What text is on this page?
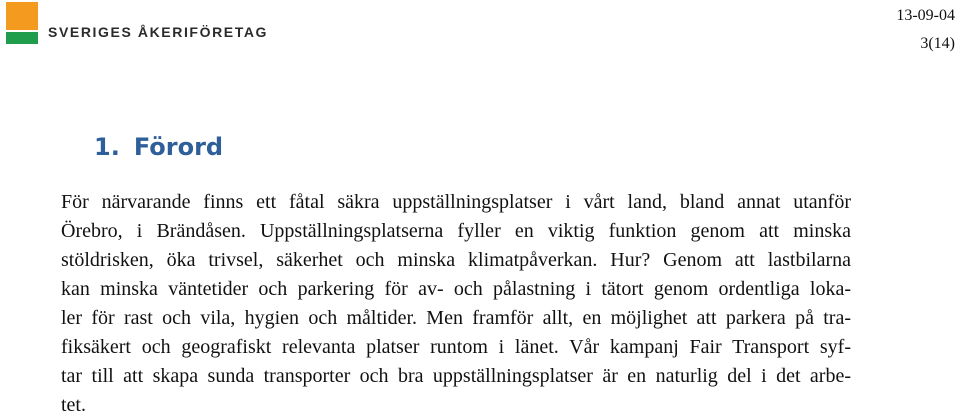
SVERIGES ÅKERIFÖRETAG
13-09-04
3(14)
1. Förord
För närvarande finns ett fåtal säkra uppställningsplatser i vårt land, bland annat utanför
Örebro, i Brändåsen. Uppställningsplatserna fyller en viktig funktion genom att minska
stöldrisken, öka trivsel, säkerhet och minska klimatpåverkan. Hur? Genom att lastbilarna
kan minska väntetider och parkering för av- och pålastning i tätort genom ordentliga loka-
ler för rast och vila, hygien och måltider. Men framför allt, en möjlighet att parkera på tra-
fiksäkert och geografiskt relevanta platser runtom i länet. Vår kampanj Fair Transport syf-
tar till att skapa sunda transporter och bra uppställningsplatser är en naturlig del i det arbe-
tet.
